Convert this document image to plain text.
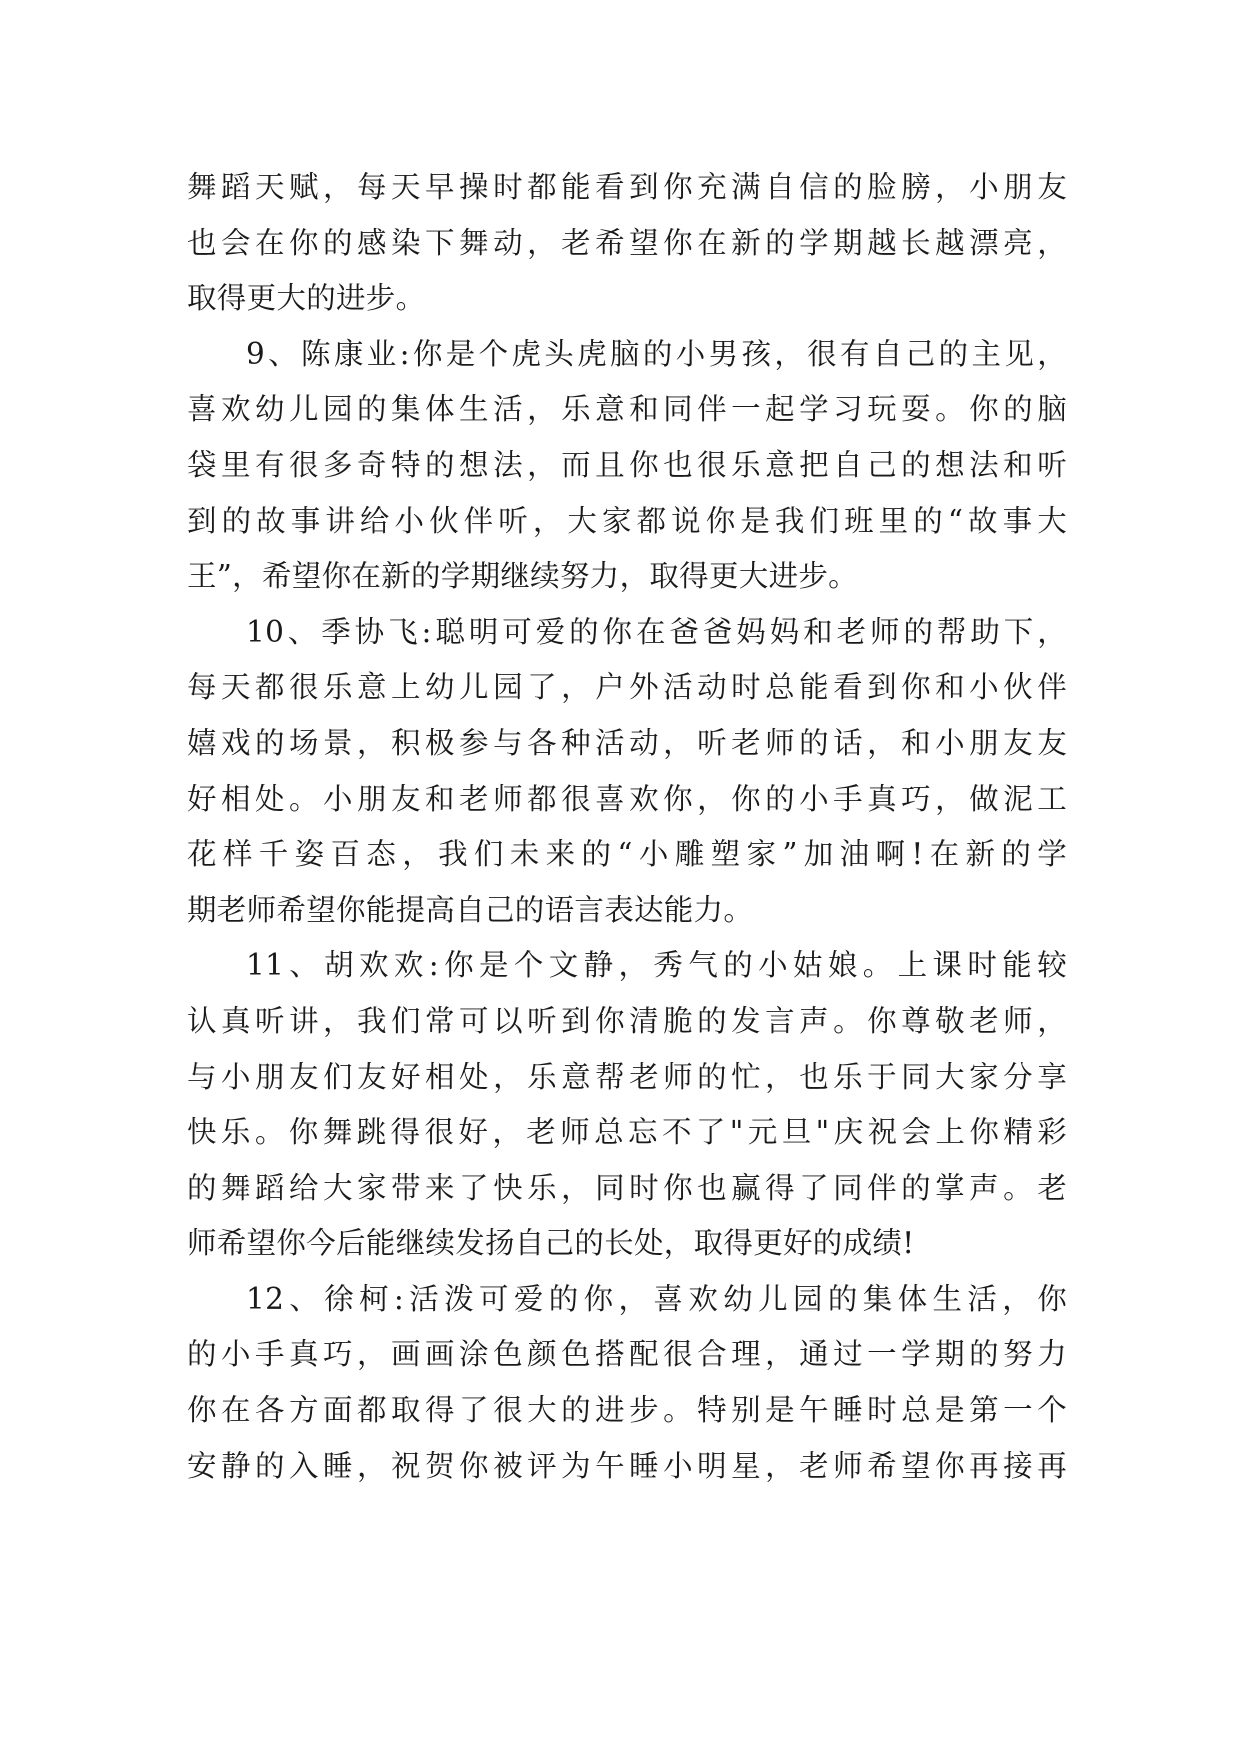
舞蹈天赋，每天早操时都能看到你充满自信的脸膀，小朋友
也会在你的感染下舞动，老希望你在新的学期越长越漂亮，
取得更大的进步。
9、陈康业:你是个虎头虎脑的小男孩，很有自己的主见，
喜欢幼儿园的集体生活，乐意和同伴一起学习玩耍。你的脑
袋里有很多奇特的想法，而且你也很乐意把自己的想法和听
到的故事讲给小伙伴听，大家都说你是我们班里的“故事大
王”，希望你在新的学期继续努力，取得更大进步。
10、季协飞:聪明可爱的你在爸爸妈妈和老师的帮助下，
每天都很乐意上幼儿园了，户外活动时总能看到你和小伙伴
嬉戏的场景，积极参与各种活动，听老师的话，和小朋友友
好相处。小朋友和老师都很喜欢你，你的小手真巧，做泥工
花样千姿百态，我们未来的“小雕塑家”加油啊!在新的学
期老师希望你能提高自己的语言表达能力。
11、胡欢欢:你是个文静，秀气的小姑娘。上课时能较
认真听讲，我们常可以听到你清脆的发言声。你尊敬老师，
与小朋友们友好相处，乐意帮老师的忙，也乐于同大家分享
快乐。你舞跳得很好，老师总忘不了"元旦"庆祝会上你精彩
的舞蹈给大家带来了快乐，同时你也赢得了同伴的掌声。老
师希望你今后能继续发扬自己的长处，取得更好的成绩!
12、徐柯:活泼可爱的你，喜欢幼儿园的集体生活，你
的小手真巧，画画涂色颜色搭配很合理，通过一学期的努力
你在各方面都取得了很大的进步。特别是午睡时总是第一个
安静的入睡，祝贺你被评为午睡小明星，老师希望你再接再
